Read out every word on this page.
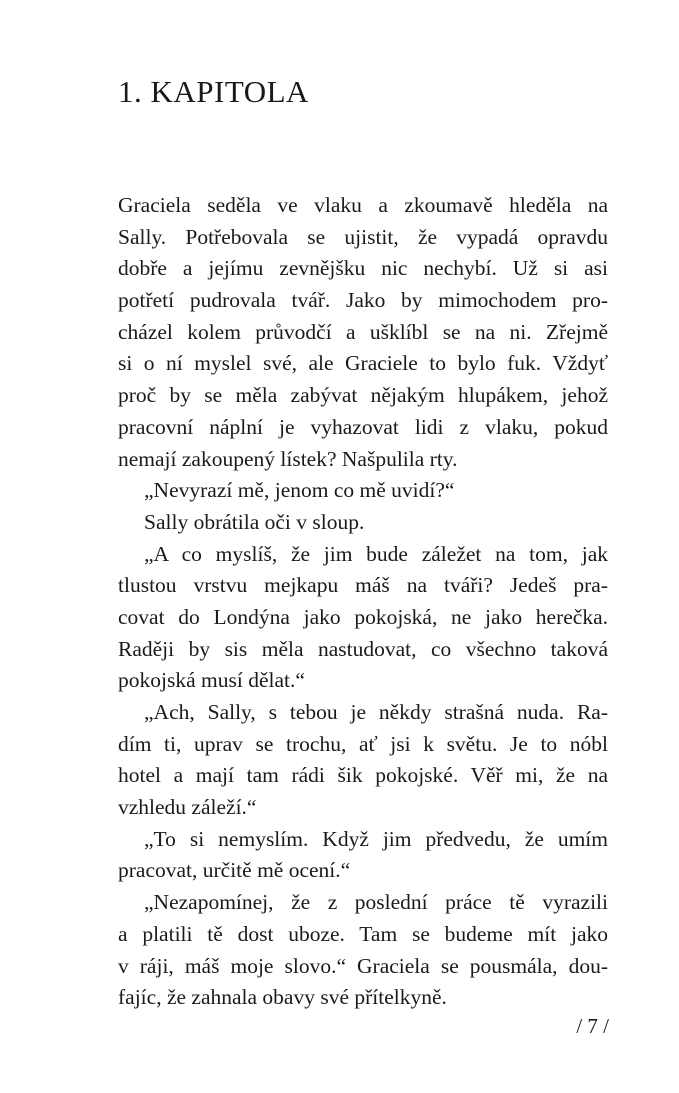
1. KAPITOLA
Graciela seděla ve vlaku a zkoumavě hleděla na
Sally. Potřebovala se ujistit, že vypadá opravdu
dobře a jejímu zevnějšku nic nechybí. Už si asi
potřetí pudrovala tvář. Jako by mimochodem pro-
cházel kolem průvodčí a ušklíbl se na ni. Zřejmě
si o ní myslel své, ale Graciele to bylo fuk. Vždyť
proč by se měla zabývat nějakým hlupákem, jehož
pracovní náplní je vyhazovat lidi z vlaku, pokud
nemají zakoupený lístek? Našpulila rty.
„Nevyrazí mě, jenom co mě uvidí?“
Sally obrátila oči v sloup.
„A co myslíš, že jim bude záležet na tom, jak
tlustou vrstvu mejkapu máš na tváři? Jedeš pra-
covat do Londýna jako pokojská, ne jako herečka.
Raději by sis měla nastudovat, co všechno taková
pokojská musí dělat.“
„Ach, Sally, s tebou je někdy strašná nuda. Ra-
dím ti, uprav se trochu, ať jsi k světu. Je to nóbl
hotel a mají tam rádi šik pokojské. Věř mi, že na
vzhledu záleží.“
„To si nemyslím. Když jim předvedu, že umím
pracovat, určitě mě ocení.“
„Nezapomínej, že z poslední práce tě vyrazili
a platili tě dost uboze. Tam se budeme mít jako
v ráji, máš moje slovo.“ Graciela se pousmála, dou-
fajíc, že zahnala obavy své přítelkyně.
/ 7 /
